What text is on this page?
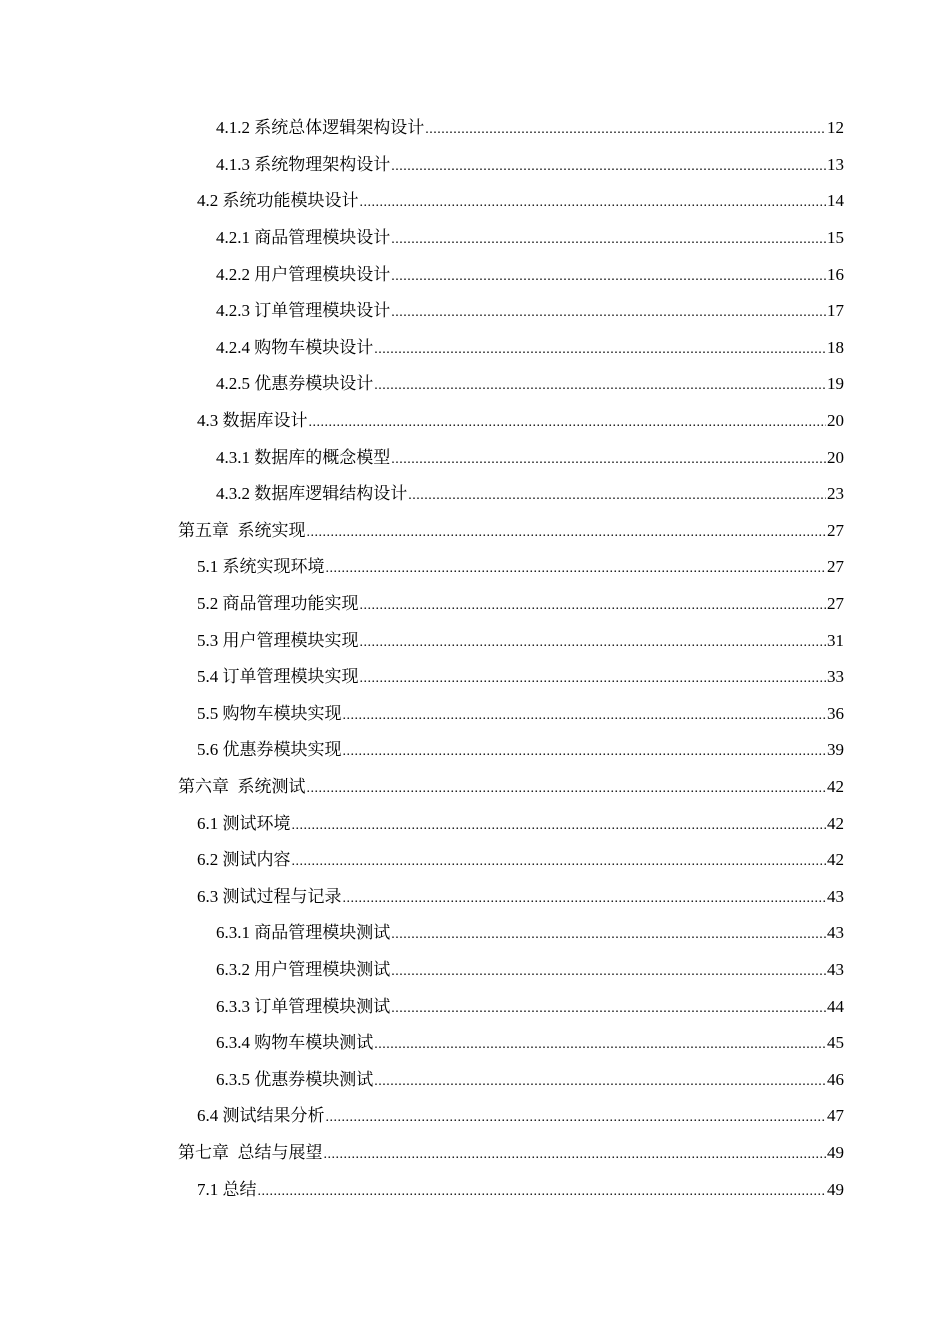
4.1.2 系统总体逻辑架构设计 .....	12
4.1.3 系统物理架构设计 .....	13
4.2 系统功能模块设计 .....	14
4.2.1 商品管理模块设计 .....	15
4.2.2 用户管理模块设计 .....	16
4.2.3 订单管理模块设计 .....	17
4.2.4 购物车模块设计 .....	18
4.2.5 优惠券模块设计 .....	19
4.3 数据库设计 .....	20
4.3.1 数据库的概念模型 .....	20
4.3.2 数据库逻辑结构设计 .....	23
第五章  系统实现 .....	27
5.1 系统实现环境 .....	27
5.2 商品管理功能实现 .....	27
5.3 用户管理模块实现 .....	31
5.4 订单管理模块实现 .....	33
5.5 购物车模块实现 .....	36
5.6 优惠券模块实现 .....	39
第六章  系统测试 .....	42
6.1 测试环境 .....	42
6.2 测试内容 .....	42
6.3 测试过程与记录 .....	43
6.3.1 商品管理模块测试 .....	43
6.3.2 用户管理模块测试 .....	43
6.3.3 订单管理模块测试 .....	44
6.3.4 购物车模块测试 .....	45
6.3.5 优惠券模块测试 .....	46
6.4 测试结果分析 .....	47
第七章  总结与展望 .....	49
7.1 总结 .....	49
